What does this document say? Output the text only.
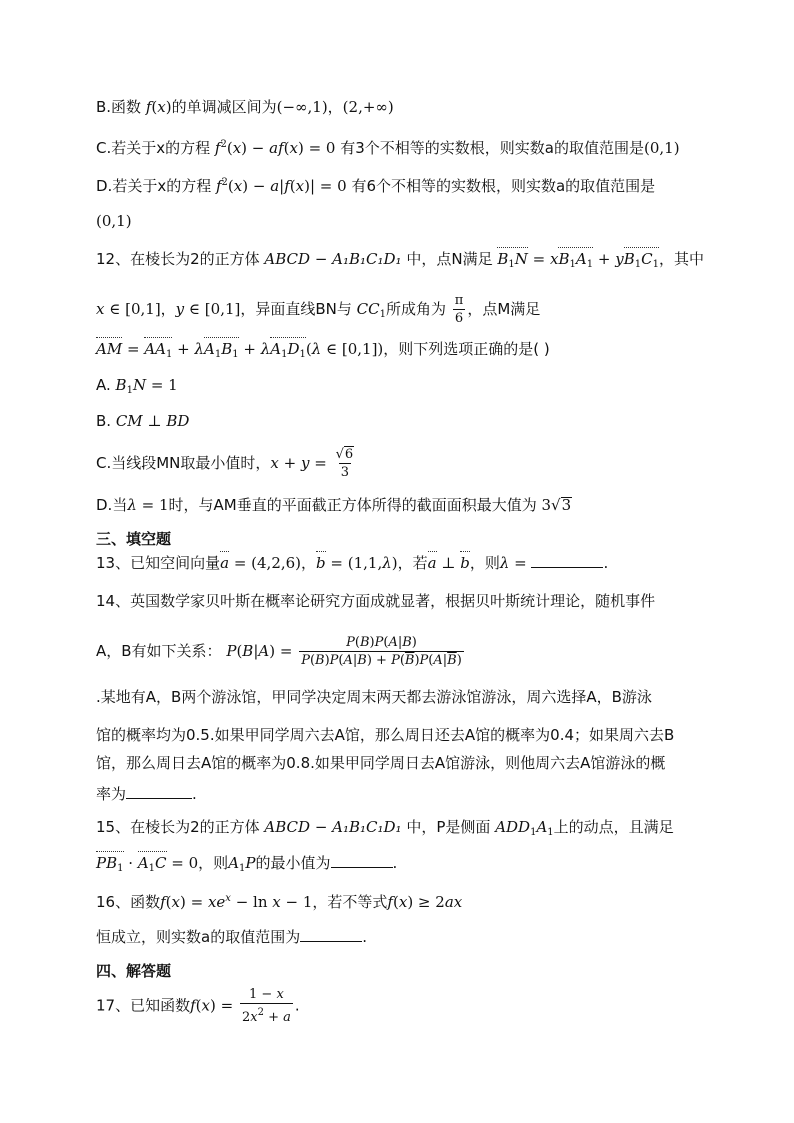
B.函数 f(x)的单调减区间为(−∞,1)，(2,+∞)
C.若关于x的方程 $f^2(x) - af(x) = 0$ 有3个不相等的实数根，则实数a的取值范围是(0,1)
D.若关于x的方程 $f^2(x) - a|f(x)| = 0$ 有6个不相等的实数根，则实数a的取值范围是
(0,1)
12、在棱长为2的正方体 ABCD − A₁B₁C₁D₁ 中，点N满足 $B_1N = xB_1A_1 + yB_1C_1$，其中
x ∈ [0,1]，y ∈ [0,1]，异面直线BN与 $CC_1$所成角为 $\frac{\pi}{6}$ ，点M满足
AM = $AA_1 + \lambda A_1B_1 + \lambda A_1D_1(\lambda$ ∈ [0,1])，则下列选项正确的是( )
A. $B_1N = 1$
B. CM ⊥ BD
C.当线段MN取最小值时，$x + y = \frac{√6}{3}$
D.当λ = 1时，与AM垂直的平面截正方体所得的截面面积最大值为 3√3
三、填空题
13、已知空间向量a = (4,2,6)，b = (1,1,λ)，若a ⊥ b，则λ =	.
14、英国数学家贝叶斯在概率论研究方面成就显著，根据贝叶斯统计理论，随机事件
A，B有如下关系： $P(B|A) = \frac{P(B)P(A|B)}{P(B)P(A|B) + P(\overline{B})P(A|\overline{B})}$
.某地有A，B两个游泳馆，甲同学决定周末两天都去游泳馆游泳，周六选择A，B游泳
馆的概率均为0.5.如果甲同学周六去A馆，那么周日还去A馆的概率为0.4；如果周六去B
馆，那么周日去A馆的概率为0.8.如果甲同学周日去A馆游泳，则他周六去A馆游泳的概
率为	.
15、在棱长为2的正方体 ABCD − A₁B₁C₁D₁ 中，P是侧面 $ADD_1A_1$上的动点，且满足
$PB_1 \cdot A_1C = 0$，则$A_1P$的最小值为	.
16、函数$f(x) = xe^x - \ln x - 1$，若不等式f(x) ≥ 2ax
恒成立，则实数a的取值范围为	.
四、解答题
17、已知函数$f(x) = \frac{1 - x}{2x^2 + a}$ .
